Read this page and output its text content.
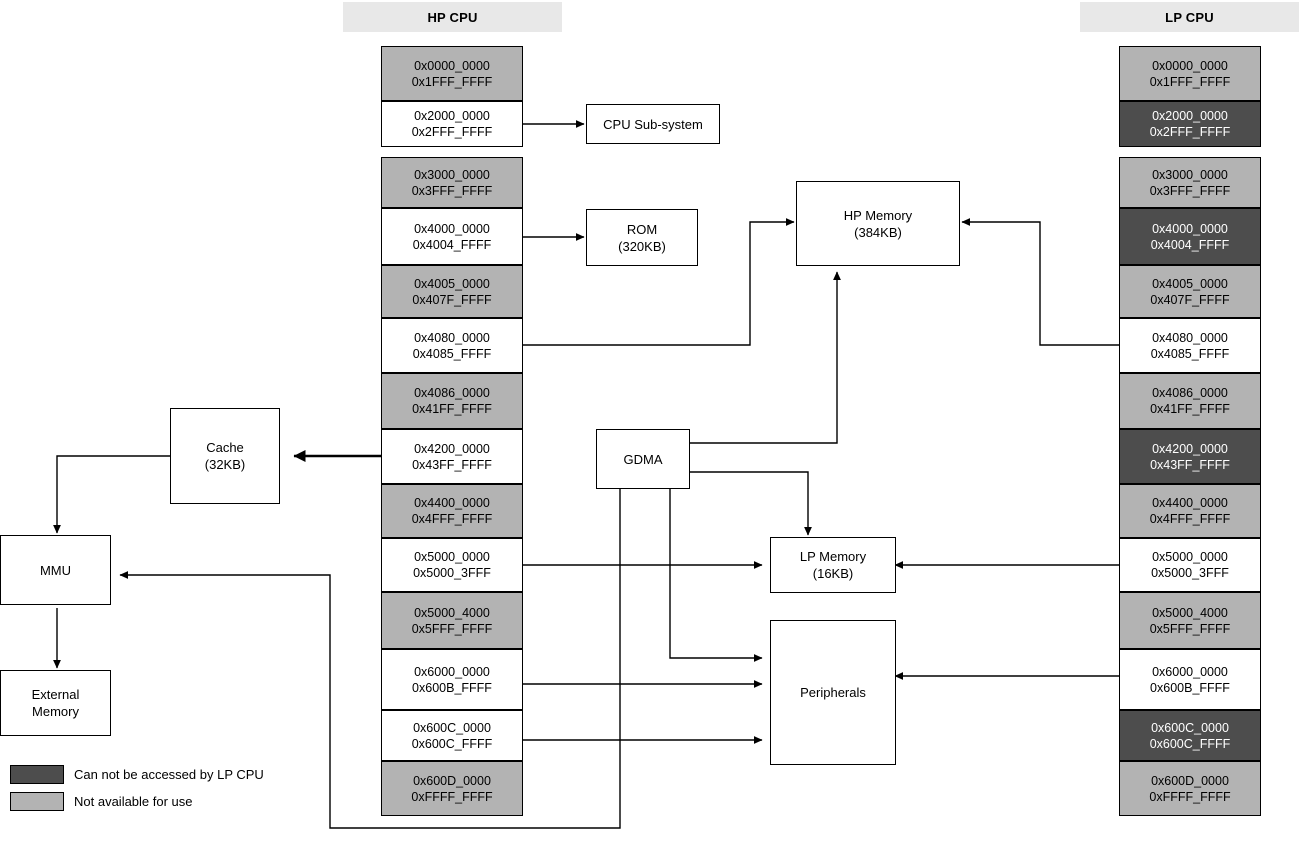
HP CPU	LP CPU
0x0000_0000
0x1FFF_FFFF
0x2000_0000
0x2FFF_FFFF
0x3000_0000
0x3FFF_FFFF
0x4000_0000
0x4004_FFFF
0x4005_0000
0x407F_FFFF
0x4080_0000
0x4085_FFFF
0x4086_0000
0x41FF_FFFF
0x4200_0000
0x43FF_FFFF
0x4400_0000
0x4FFF_FFFF
0x5000_0000
0x5000_3FFF
0x5000_4000
0x5FFF_FFFF
0x6000_0000
0x600B_FFFF
0x600C_0000
0x600C_FFFF
0x600D_0000
0xFFFF_FFFF
0x0000_0000
0x1FFF_FFFF
0x2000_0000
0x2FFF_FFFF
0x3000_0000
0x3FFF_FFFF
0x4000_0000
0x4004_FFFF
0x4005_0000
0x407F_FFFF
0x4080_0000
0x4085_FFFF
0x4086_0000
0x41FF_FFFF
0x4200_0000
0x43FF_FFFF
0x4400_0000
0x4FFF_FFFF
0x5000_0000
0x5000_3FFF
0x5000_4000
0x5FFF_FFFF
0x6000_0000
0x600B_FFFF
0x600C_0000
0x600C_FFFF
0x600D_0000
0xFFFF_FFFF
CPU Sub-system
ROM
(320KB)
HP Memory
(384KB)
Cache
(32KB)	GDMA
LP Memory
(16KB)
MMU
External
Memory
Peripherals
Can not be accessed by LP CPU
Not available for use
